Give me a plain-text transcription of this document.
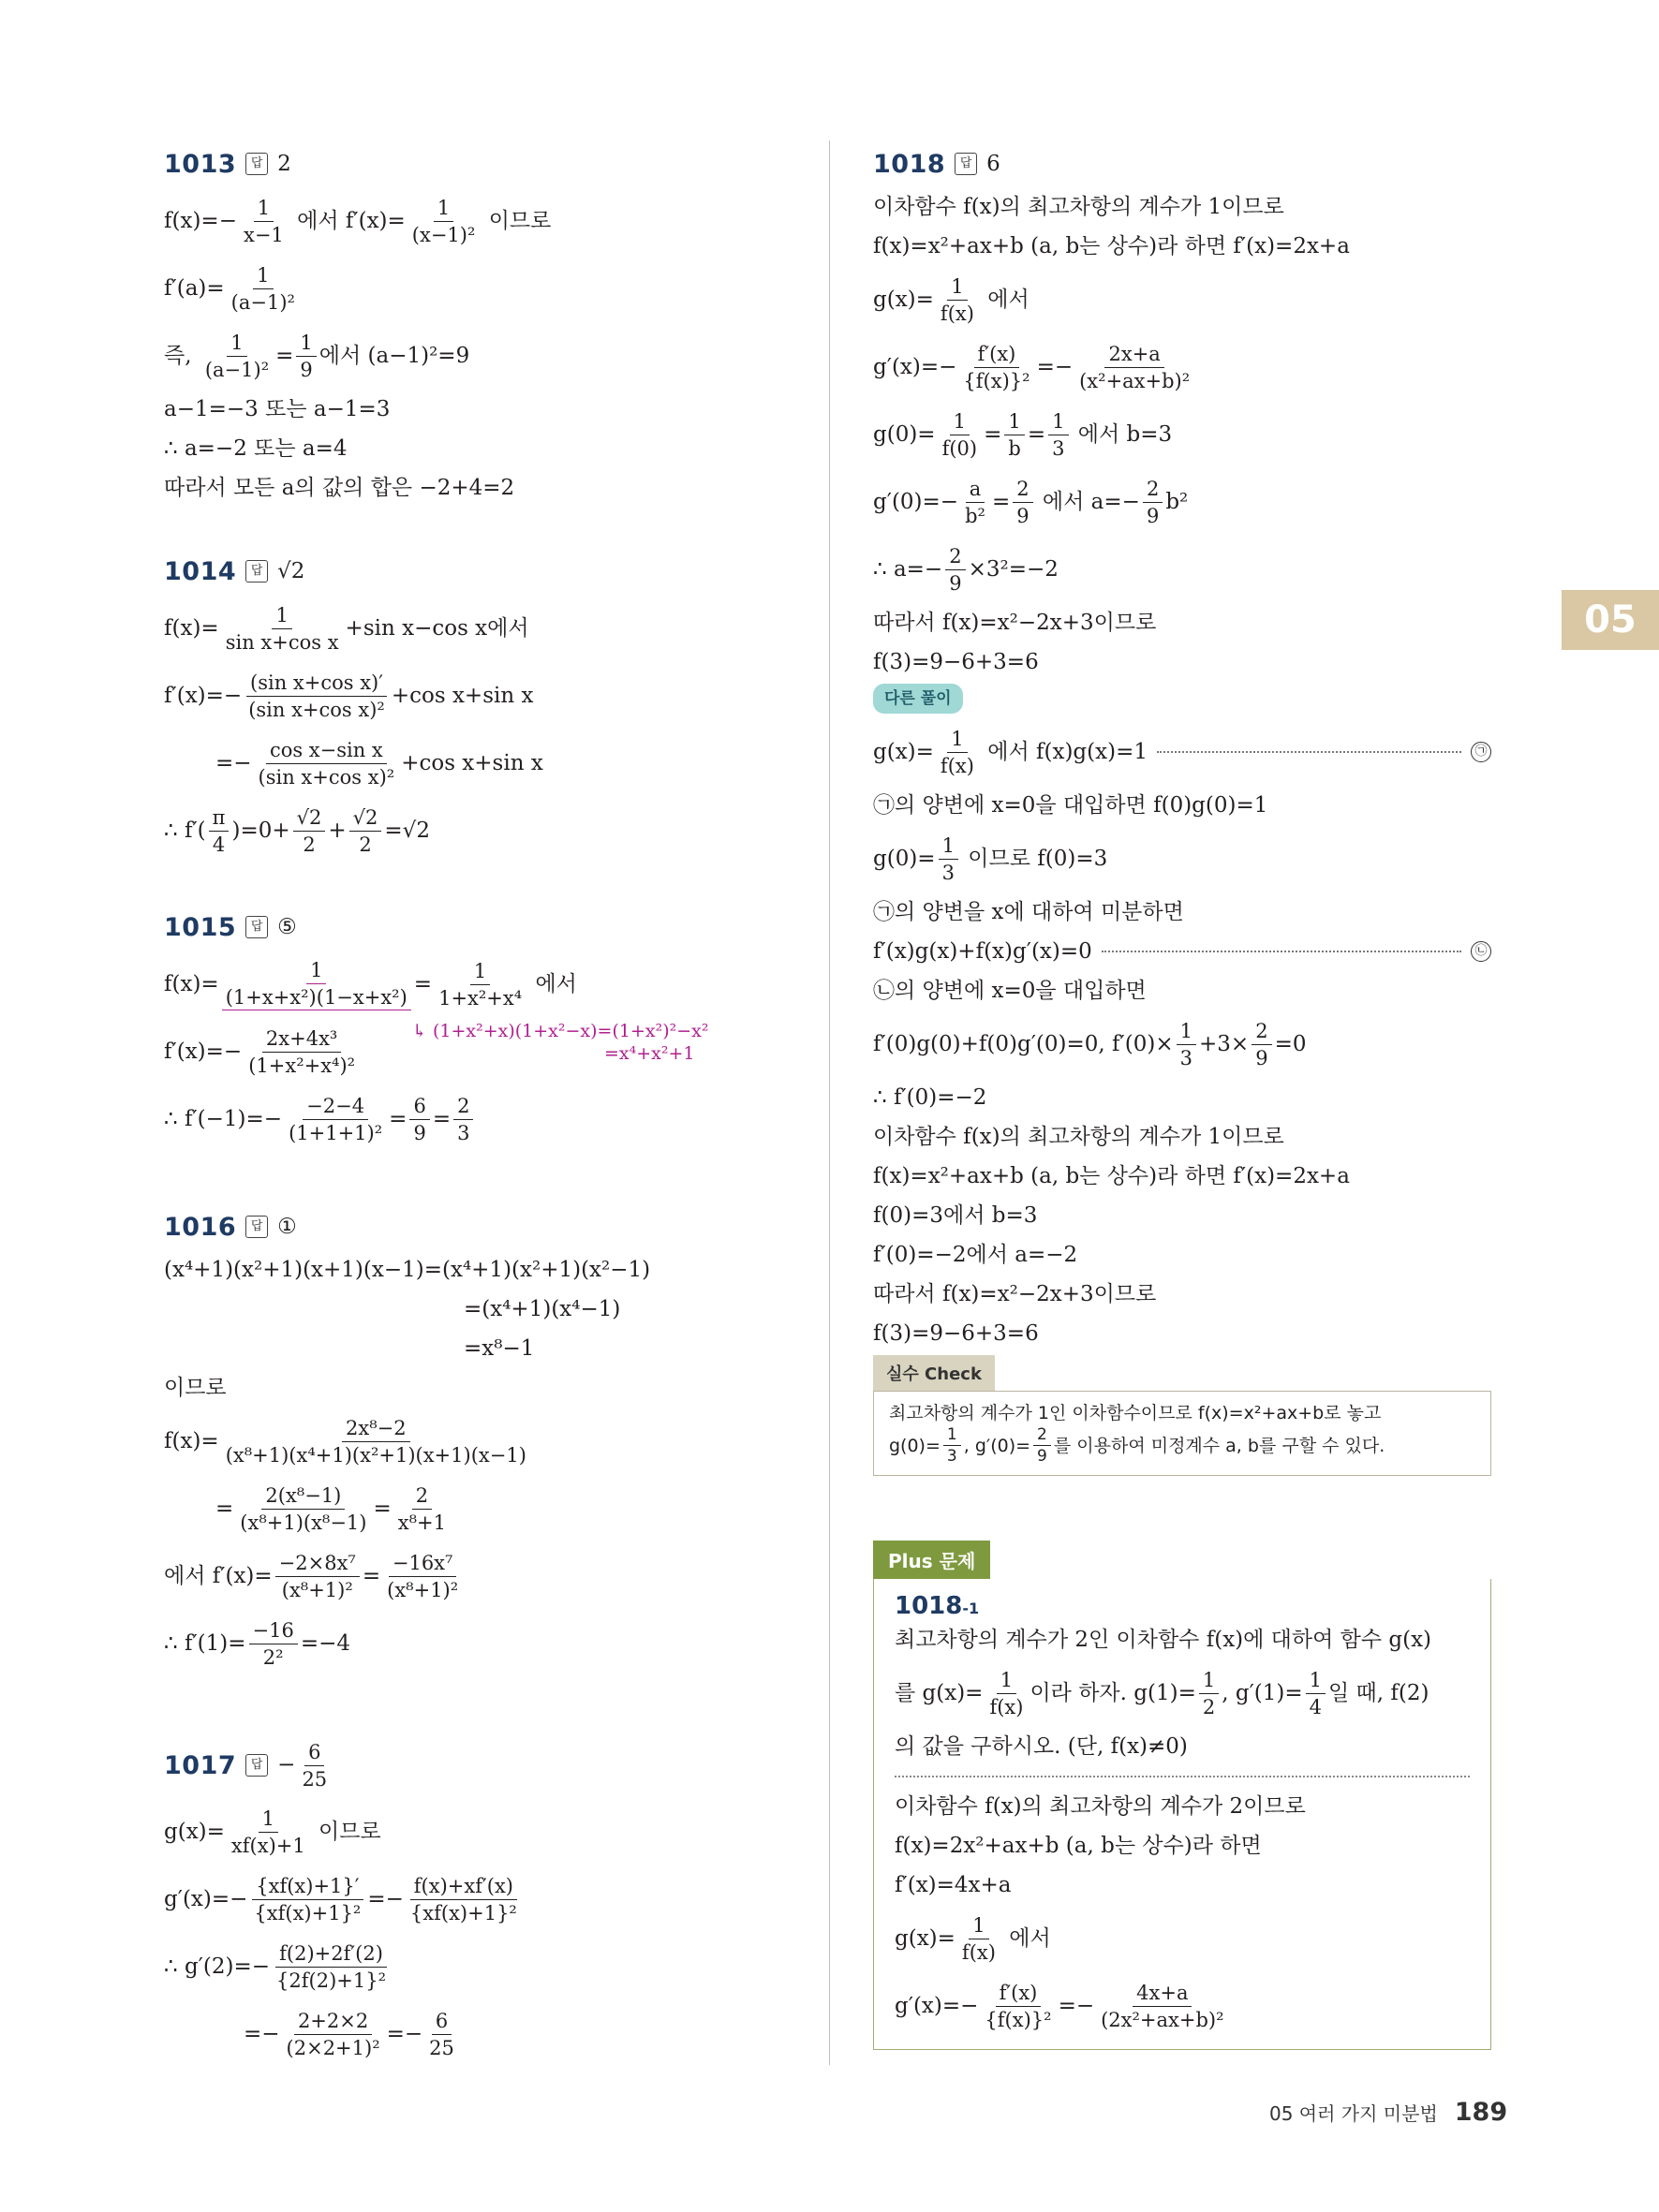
05
1013	답 2
$f(x)=- \frac{1}{x-1}$ 에서 $f'(x)= \frac{1}{\text{(x−1)²}}$ 이므로
$f'(a)= \frac{1}{\text{(a−1)²}}$
즉, $\frac{1}{\text{(a−1)²}} = \frac{1}{9}$ 에서 (a−1)²=9
a−1=−3 또는 a−1=3
∴ a=−2 또는 a=4
따라서 모든 a의 값의 합은 −2+4=2
1014	답 √2
$f(x)= \frac{1}{\text{sin x+cos x}} +\sin$ x−cos x에서
$f'(x)=- \frac{\text{(sin x+cos x)′}}{\text{(sin x+cos x)²}} +\cos$ x+sin x
=− $\frac{\text{cos x−sin x}}{\text{(sin x+cos x)²}} +\cos$ x+sin x
∴ $f'( \frac{\pi}{4} )=0+ \frac{√2}{2} + \frac{√2}{2} =√2$
1015	답 ⑤
$f(x)= \frac{1}{\text{(1+x+x²)(1−x+x²)}} = \frac{1}{\text{1+x²+x⁴}}$ 에서
$f'(x)=- \frac{\text{2x+4x³}}{\text{(1+x²+x⁴)²}}$	↳ (1+x²+x)(1+x²−x)=(1+x²)²−x²
=x⁴+x²+1
∴ $f'(-1)=- \frac{-2-4}{\text{(1+1+1)²}} = \frac{6}{9} = \frac{2}{3}$
1016	답 ①
(x⁴+1)(x²+1)(x+1)(x−1)=(x⁴+1)(x²+1)(x²−1)
=(x⁴+1)(x⁴−1)
=x⁸−1
이므로
$f(x)= \frac{\text{2x⁸−2}}{\text{(x⁸+1)(x⁴+1)(x²+1)(x+1)(x−1)}}$
= $\frac{\text{2(x⁸−1)}}{\text{(x⁸+1)(x⁸−1)}} = \frac{2}{\text{x⁸+1}}$
에서 $f'(x)= \frac{\text{−2×8x⁷}}{\text{(x⁸+1)²}} = \frac{\text{−16x⁷}}{\text{(x⁸+1)²}}$
∴ $f'(1)= \frac{-16}{\text{2²}} =-4$
1017	답 − $\frac{6}{25}$
$g(x)= \frac{1}{xf(x)+1}$ 이므로
$g'(x)=- \frac{\{xf(x)+1\}'}{\text{\{xf(x)+1\}²}} =- \frac{f(x)+xf'(x)}{\text{\{xf(x)+1\}²}}$
∴ $g'(2)=- \frac{f(2)+2f'(2)}{\text{\{2f(2)+1\}²}}$
=− $\frac{2+2\times 2}{\text{(2×2+1)²}} =- \frac{6}{25}$
1018	답 6
이차함수 f(x)의 최고차항의 계수가 1이므로
f(x)=x²+ax+b (a, b는 상수)라 하면 f′(x)=2x+a
$g(x)= \frac{1}{f(x)}$ 에서
$g'(x)=- \frac{f'(x)}{\text{\{f(x)\}²}} =- \frac{2x+a}{\text{(x²+ax+b)²}}$
$g(0)= \frac{1}{f(0)} = \frac{1}{b} = \frac{1}{3}$ 에서 b=3
$g'(0)=- \frac{a}{\text{b²}} = \frac{2}{9}$ 에서 $a=- \frac{2}{9} b^2$
∴ $a=- \frac{2}{9} \times 3^2=-2$
따라서 f(x)=x²−2x+3이므로
f(3)=9−6+3=6
다른 풀이
$g(x)= \frac{1}{f(x)}$ 에서 f(x)g(x)=1	㉠
㉠의 양변에 x=0을 대입하면 f(0)g(0)=1
$g(0)= \frac{1}{3}$ 이므로 f(0)=3
㉠의 양변을 x에 대하여 미분하면
f′(x)g(x)+f(x)g′(x)=0	㉡
㉡의 양변에 x=0을 대입하면
f′(0)g(0)+f(0)g′(0)=0, $f'(0)\times \frac{1}{3} +3\times \frac{2}{9} =0$
∴ f′(0)=−2
이차함수 f(x)의 최고차항의 계수가 1이므로
f(x)=x²+ax+b (a, b는 상수)라 하면 f′(x)=2x+a
f(0)=3에서 b=3
f′(0)=−2에서 a=−2
따라서 f(x)=x²−2x+3이므로
f(3)=9−6+3=6
실수 Check
최고차항의 계수가 1인 이차함수이므로 f(x)=x²+ax+b로 놓고
$g(0)= \frac{1}{3}$ , $g'(0)= \frac{2}{9}$ 를 이용하여 미정계수 a, b를 구할 수 있다.
Plus 문제
1018-1
최고차항의 계수가 2인 이차함수 f(x)에 대하여 함수 g(x)
를 $g(x)= \frac{1}{f(x)}$ 이라 하자. $g(1)= \frac{1}{2}$ , $g'(1)= \frac{1}{4}$ 일 때, f(2)
의 값을 구하시오. (단, f(x)≠0)
이차함수 f(x)의 최고차항의 계수가 2이므로
f(x)=2x²+ax+b (a, b는 상수)라 하면
f′(x)=4x+a
$g(x)= \frac{1}{f(x)}$ 에서
$g'(x)=- \frac{f'(x)}{\text{\{f(x)\}²}} =- \frac{4x+a}{\text{(2x²+ax+b)²}}$
05 여러 가지 미분법 189
